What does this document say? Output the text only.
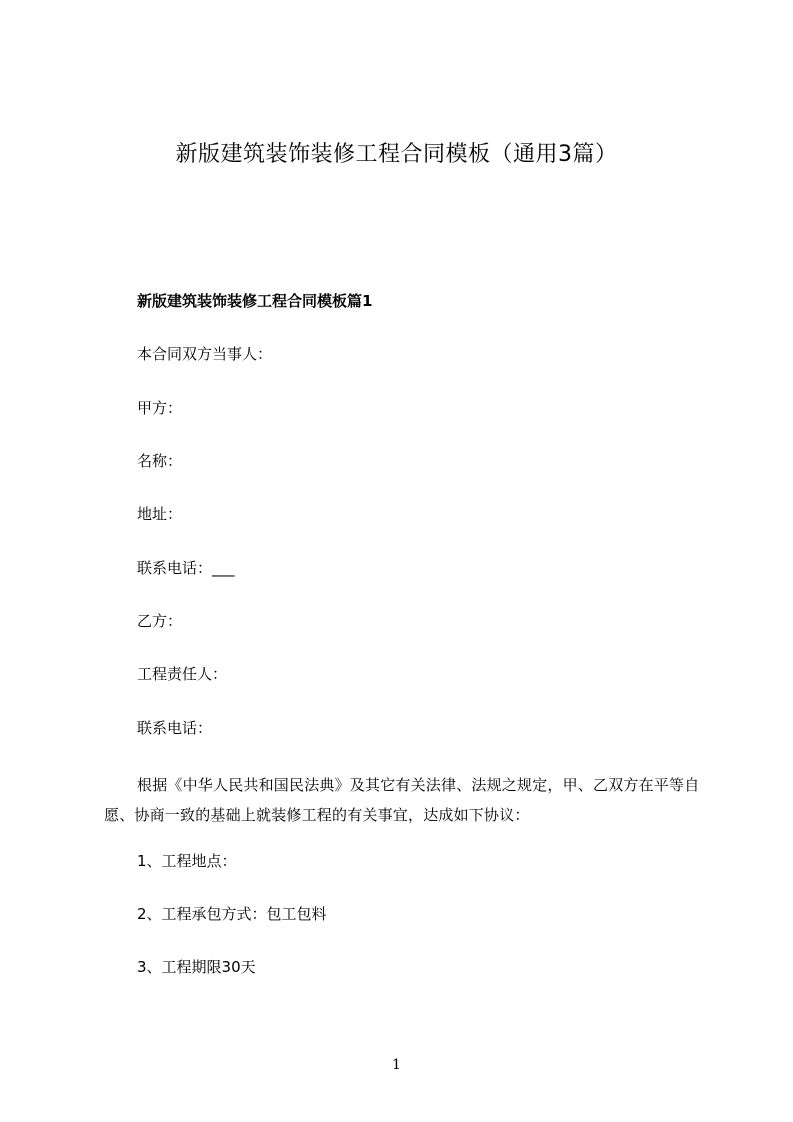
新版建筑装饰装修工程合同模板（通用3篇）
新版建筑装饰装修工程合同模板篇1
本合同双方当事人：
甲方：
名称：
地址：
联系电话：___
乙方：
工程责任人：
联系电话：
根据《中华人民共和国民法典》及其它有关法律、法规之规定，甲、乙双方在平等自愿、协商一致的基础上就装修工程的有关事宜，达成如下协议：
1、工程地点：
2、工程承包方式：包工包料
3、工程期限30天
1
